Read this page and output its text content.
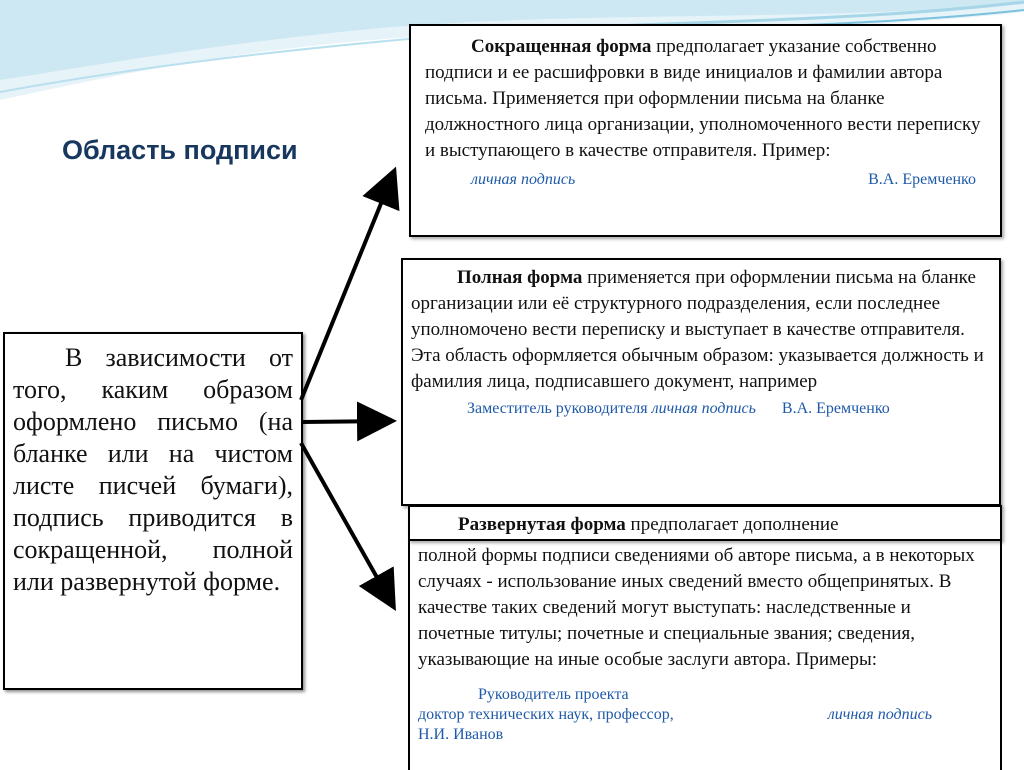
Область подписи

В зависимости от того, каким образом оформлено письмо (на бланке или на чистом листе писчей бумаги), подпись приводится в сокращенной, полной или развернутой форме.

Сокращенная форма предполагает указание собственно подписи и ее расшифровки в виде инициалов и фамилии автора письма. Применяется при оформлении письма на бланке должностного лица организации, уполномоченного вести переписку и выступающего в качестве отправителя. Пример:

личная подпись	В.А. Еремченко

Полная форма применяется при оформлении письма на бланке организации или её структурного подразделения, если последнее уполномочено вести переписку и выступает в качестве отправителя. Эта область оформляется обычным образом: указывается должность и фамилия лица, подписавшего документ, например

Заместитель руководителя личная подпись В.А. Еремченко

полной формы подписи сведениями об авторе письма, а в некоторых случаях - использование иных сведений вместо общепринятых. В качестве таких сведений могут выступать: наследственные и почетные титулы; почетные и специальные звания; сведения, указывающие на иные особые заслуги автора. Примеры:

Руководитель проекта
доктор технических наук, профессор,	личная подпись
Н.И. Иванов
Развернутая форма предполагает дополнение
